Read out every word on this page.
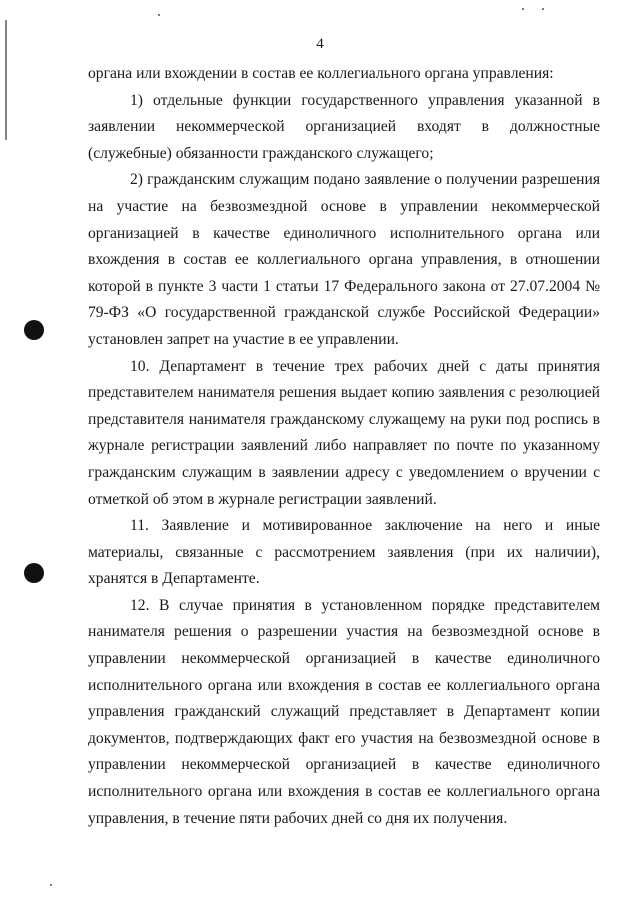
4

органа или вхождении в состав ее коллегиального органа управления:

1) отдельные функции государственного управления указанной в заявлении некоммерческой организацией входят в должностные (служебные) обязанности гражданского служащего;

2) гражданским служащим подано заявление о получении разрешения на участие на безвозмездной основе в управлении некоммерческой организацией в качестве единоличного исполнительного органа или вхождения в состав ее коллегиального органа управления, в отношении которой в пункте 3 части 1 статьи 17 Федерального закона от 27.07.2004 № 79-ФЗ «О государственной гражданской службе Российской Федерации» установлен запрет на участие в ее управлении.

10. Департамент в течение трех рабочих дней с даты принятия представителем нанимателя решения выдает копию заявления с резолюцией представителя нанимателя гражданскому служащему на руки под роспись в журнале регистрации заявлений либо направляет по почте по указанному гражданским служащим в заявлении адресу с уведомлением о вручении с отметкой об этом в журнале регистрации заявлений.

11. Заявление и мотивированное заключение на него и иные материалы, связанные с рассмотрением заявления (при их наличии), хранятся в Департаменте.

12. В случае принятия в установленном порядке представителем нанимателя решения о разрешении участия на безвозмездной основе в управлении некоммерческой организацией в качестве единоличного исполнительного органа или вхождения в состав ее коллегиального органа управления гражданский служащий представляет в Департамент копии документов, подтверждающих факт его участия на безвозмездной основе в управлении некоммерческой организацией в качестве единоличного исполнительного органа или вхождения в состав ее коллегиального органа управления, в течение пяти рабочих дней со дня их получения.
